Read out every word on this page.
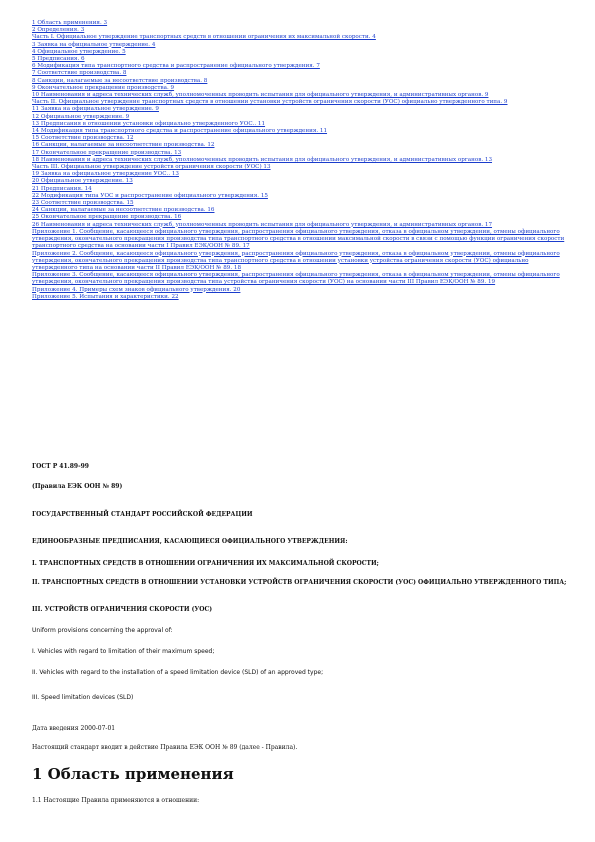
1 Область применения. 3
2 Определения. 3
Часть I. Официальное утверждение транспортных средств в отношении ограничения их максимальной скорости. 4
3 Заявка на официальное утверждение. 4
4 Официальное утверждение. 5
5 Предписания. 6
6 Модификация типа транспортного средства и распространение официального утверждения. 7
7 Соответствие производства. 8
8 Санкции, налагаемые за несоответствие производства. 8
9 Окончательное прекращение производства. 9
10 Наименования и адреса технических служб, уполномоченных проводить испытания для официального утверждения, и административных органов. 9
Часть II. Официальное утверждение транспортных средств в отношении установки устройств ограничения скорости (УОС) официально утвержденного типа. 9
11 Заявка на официальное утверждение. 9
12 Официальное утверждение. 9
13 Предписания в отношении установки официально утвержденного УОС.. 11
14 Модификация типа транспортного средства и распространение официального утверждения. 11
15 Соответствие производства. 12
16 Санкции, налагаемые за несоответствие производства. 12
17 Окончательное прекращение производства. 13
18 Наименования и адреса технических служб, уполномоченных проводить испытания для официального утверждения, и административных органов. 13
Часть III. Официальное утверждение устройств ограничения скорости (УОС) 13
19 Заявка на официальное утверждение УОС.. 13
20 Официальное утверждение. 13
21 Предписания. 14
22 Модификация типа УОС и распространение официального утверждения. 15
23 Соответствие производства. 15
24 Санкции, налагаемые за несоответствие производства. 16
25 Окончательное прекращение производства. 16
26 Наименования и адреса технических служб, уполномоченных проводить испытания для официального утверждения, и административных органов. 17
Приложение 1. Сообщение, касающееся официального утверждения, распространения официального утверждения, отказа в официальном утверждении, отмены официального утверждения, окончательного прекращения производства типа транспортного средства в отношении максимальной скорости в связи с помощью функции ограничения скорости транспортного средства на основании части I Правил ЕЭК/ООН № 89. 17
Приложение 2. Сообщение, касающееся официального утверждения, распространения официального утверждения, отказа в официальном утверждении, отмены официального утверждения, окончательного прекращения производства типа транспортного средства в отношении установки устройства ограничения скорости (УОС) официально утвержденного типа на основании части II Правил ЕЭК/ООН № 89. 18
Приложение 3. Сообщение, касающееся официального утверждения, распространения официального утверждения, отказа в официальном утверждении, отмены официального утверждения, окончательного прекращения производства типа устройства ограничения скорости (УОС) на основании части III Правил ЕЭК/ООН № 89. 19
Приложение 4. Примеры схем знаков официального утверждения. 20
Приложение 5. Испытания и характеристики. 22
ГОСТ Р 41.89-99
(Правила ЕЭК ООН № 89)
ГОСУДАРСТВЕННЫЙ СТАНДАРТ РОССИЙСКОЙ ФЕДЕРАЦИИ
ЕДИНООБРАЗНЫЕ ПРЕДПИСАНИЯ, КАСАЮЩИЕСЯ ОФИЦИАЛЬНОГО УТВЕРЖДЕНИЯ:
I. ТРАНСПОРТНЫХ СРЕДСТВ В ОТНОШЕНИИ ОГРАНИЧЕНИЯ ИХ МАКСИМАЛЬНОЙ СКОРОСТИ;
II. ТРАНСПОРТНЫХ СРЕДСТВ В ОТНОШЕНИИ УСТАНОВКИ УСТРОЙСТВ ОГРАНИЧЕНИЯ СКОРОСТИ (УОС) ОФИЦИАЛЬНО УТВЕРЖДЕННОГО ТИПА;
III. УСТРОЙСТВ ОГРАНИЧЕНИЯ СКОРОСТИ (УОС)
Uniform provisions concerning the approval of:
I. Vehicles with regard to limitation of their maximum speed;
II. Vehicles with regard to the installation of a speed limitation device (SLD) of an approved type;
III. Speed limitation devices (SLD)
Дата введения 2000-07-01
Настоящий стандарт вводит в действие Правила ЕЭК ООН № 89 (далее - Правила).
1 Область применения
1.1 Настоящие Правила применяются в отношении:
